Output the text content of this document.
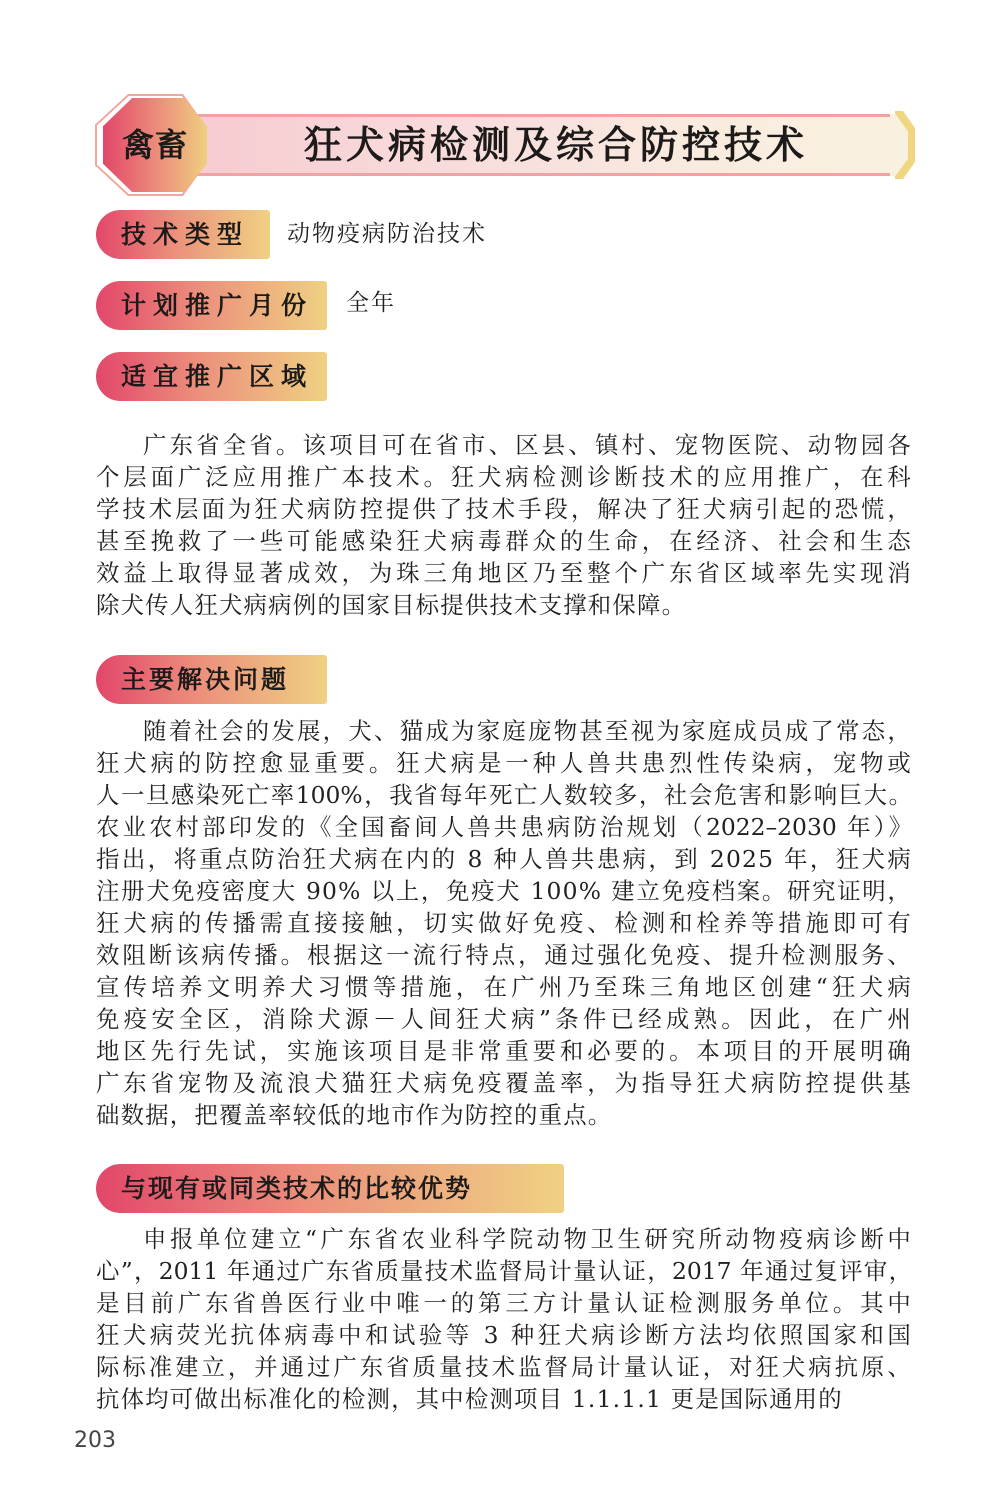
狂犬病检测及综合防控技术
禽畜
技术类型	动物疫病防治技术
计划推广月份	全年
适宜推广区域
广东省全省。该项目可在省市、区县、镇村、宠物医院、动物园各
个层面广泛应用推广本技术。狂犬病检测诊断技术的应用推广，在科
学技术层面为狂犬病防控提供了技术手段，解决了狂犬病引起的恐慌，
甚至挽救了一些可能感染狂犬病毒群众的生命，在经济、社会和生态
效益上取得显著成效，为珠三角地区乃至整个广东省区域率先实现消
除犬传人狂犬病病例的国家目标提供技术支撑和保障。
主要解决问题
随着社会的发展，犬、猫成为家庭庞物甚至视为家庭成员成了常态，
狂犬病的防控愈显重要。狂犬病是一种人兽共患烈性传染病，宠物或
人一旦感染死亡率100%，我省每年死亡人数较多，社会危害和影响巨大。
农业农村部印发的《全国畜间人兽共患病防治规划（2022–2030 年）》
指出，将重点防治狂犬病在内的 8 种人兽共患病，到 2025 年，狂犬病
注册犬免疫密度大 90% 以上，免疫犬 100% 建立免疫档案。研究证明，
狂犬病的传播需直接接触，切实做好免疫、检测和栓养等措施即可有
效阻断该病传播。根据这一流行特点，通过强化免疫、提升检测服务、
宣传培养文明养犬习惯等措施，在广州乃至珠三角地区创建“狂犬病
免疫安全区，消除犬源－人间狂犬病”条件已经成熟。因此，在广州
地区先行先试，实施该项目是非常重要和必要的。本项目的开展明确
广东省宠物及流浪犬猫狂犬病免疫覆盖率，为指导狂犬病防控提供基
础数据，把覆盖率较低的地市作为防控的重点。
与现有或同类技术的比较优势
申报单位建立“广东省农业科学院动物卫生研究所动物疫病诊断中
心”，2011 年通过广东省质量技术监督局计量认证，2017 年通过复评审，
是目前广东省兽医行业中唯一的第三方计量认证检测服务单位。其中
狂犬病荧光抗体病毒中和试验等 3 种狂犬病诊断方法均依照国家和国
际标准建立，并通过广东省质量技术监督局计量认证，对狂犬病抗原、
抗体均可做出标准化的检测，其中检测项目 1.1.1.1 更是国际通用的
203
